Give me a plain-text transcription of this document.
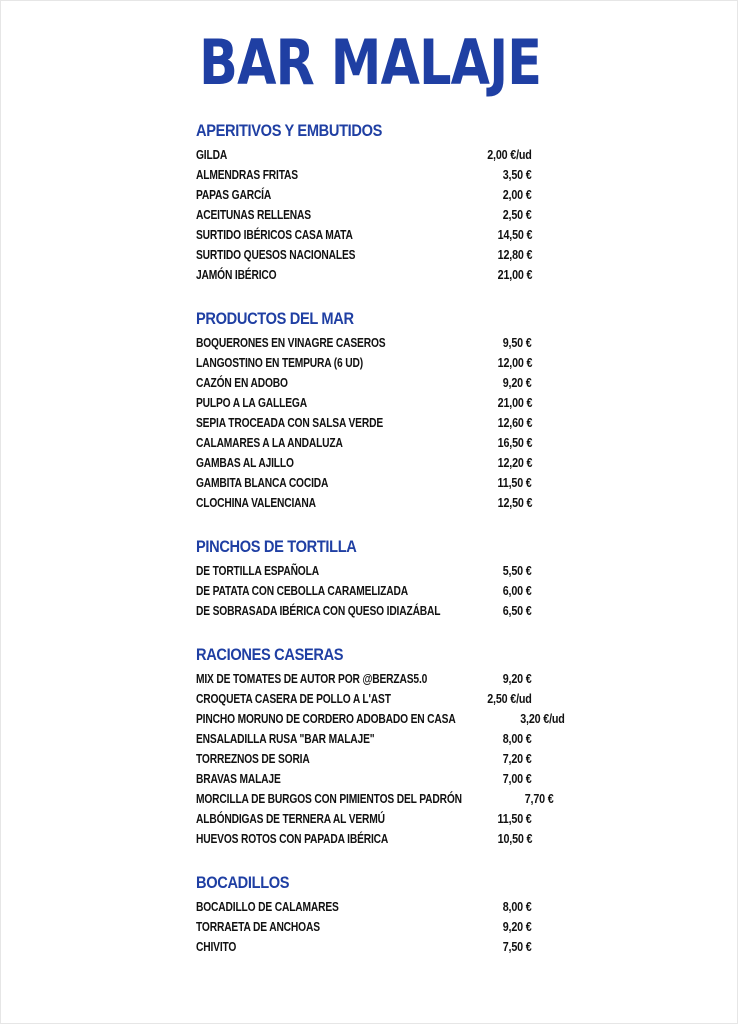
BAR MALAJE
APERITIVOS Y EMBUTIDOS
GILDA	2,00 €/ud
ALMENDRAS FRITAS	3,50 €
PAPAS GARCÍA	2,00 €
ACEITUNAS RELLENAS	2,50 €
SURTIDO IBÉRICOS CASA MATA	14,50 €
SURTIDO QUESOS NACIONALES	12,80 €
JAMÓN IBÉRICO	21,00 €
PRODUCTOS DEL MAR
BOQUERONES EN VINAGRE CASEROS	9,50 €
LANGOSTINO EN TEMPURA (6 UD)	12,00 €
CAZÓN EN ADOBO	9,20 €
PULPO A LA GALLEGA	21,00 €
SEPIA TROCEADA CON SALSA VERDE	12,60 €
CALAMARES A LA ANDALUZA	16,50 €
GAMBAS AL AJILLO	12,20 €
GAMBITA BLANCA COCIDA	11,50 €
CLOCHINA VALENCIANA	12,50 €
PINCHOS DE TORTILLA
DE TORTILLA ESPAÑOLA	5,50 €
DE PATATA CON CEBOLLA CARAMELIZADA	6,00 €
DE SOBRASADA IBÉRICA CON QUESO IDIAZÁBAL	6,50 €
RACIONES CASERAS
MIX DE TOMATES DE AUTOR POR @BERZAS5.0	9,20 €
CROQUETA CASERA DE POLLO A L'AST	2,50 €/ud
PINCHO MORUNO DE CORDERO ADOBADO EN CASA	3,20 €/ud
ENSALADILLA RUSA "BAR MALAJE"	8,00 €
TORREZNOS DE SORIA	7,20 €
BRAVAS MALAJE	7,00 €
MORCILLA DE BURGOS CON PIMIENTOS DEL PADRÓN	7,70 €
ALBÓNDIGAS DE TERNERA AL VERMÚ	11,50 €
HUEVOS ROTOS CON PAPADA IBÉRICA	10,50 €
BOCADILLOS
BOCADILLO DE CALAMARES	8,00 €
TORRAETA DE ANCHOAS	9,20 €
CHIVITO	7,50 €
